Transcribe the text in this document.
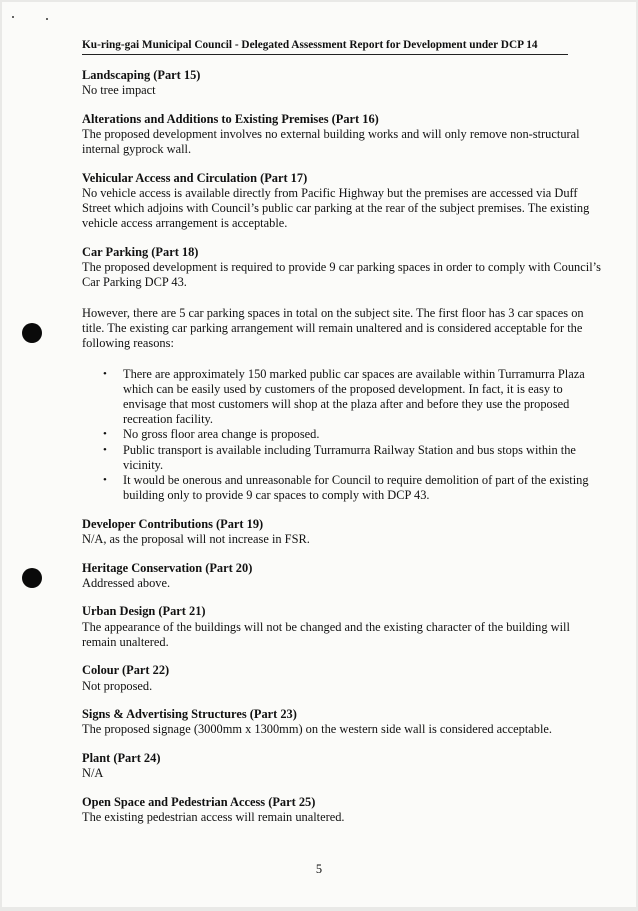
Ku-ring-gai Municipal Council - Delegated Assessment Report for Development under DCP 14
Landscaping (Part 15)

No tree impact

Alterations and Additions to Existing Premises (Part 16)

The proposed development involves no external building works and will only remove non-structural internal gyprock wall.

Vehicular Access and Circulation (Part 17)

No vehicle access is available directly from Pacific Highway but the premises are accessed via Duff Street which adjoins with Council’s public car parking at the rear of the subject premises. The existing vehicle access arrangement is acceptable.

Car Parking (Part 18)

The proposed development is required to provide 9 car parking spaces in order to comply with Council’s Car Parking DCP 43.

However, there are 5 car parking spaces in total on the subject site. The first floor has 3 car spaces on title. The existing car parking arrangement will remain unaltered and is considered acceptable for the following reasons:

• There are approximately 150 marked public car spaces are available within Turramurra Plaza which can be easily used by customers of the proposed development. In fact, it is easy to envisage that most customers will shop at the plaza after and before they use the proposed recreation facility.
• No gross floor area change is proposed.
• Public transport is available including Turramurra Railway Station and bus stops within the vicinity.
• It would be onerous and unreasonable for Council to require demolition of part of the existing building only to provide 9 car spaces to comply with DCP 43.
Developer Contributions (Part 19)

N/A, as the proposal will not increase in FSR.

Heritage Conservation (Part 20)

Addressed above.

Urban Design (Part 21)

The appearance of the buildings will not be changed and the existing character of the building will remain unaltered.

Colour (Part 22)

Not proposed.

Signs & Advertising Structures (Part 23)

The proposed signage (3000mm x 1300mm) on the western side wall is considered acceptable.

Plant (Part 24)

N/A

Open Space and Pedestrian Access (Part 25)

The existing pedestrian access will remain unaltered.

5
